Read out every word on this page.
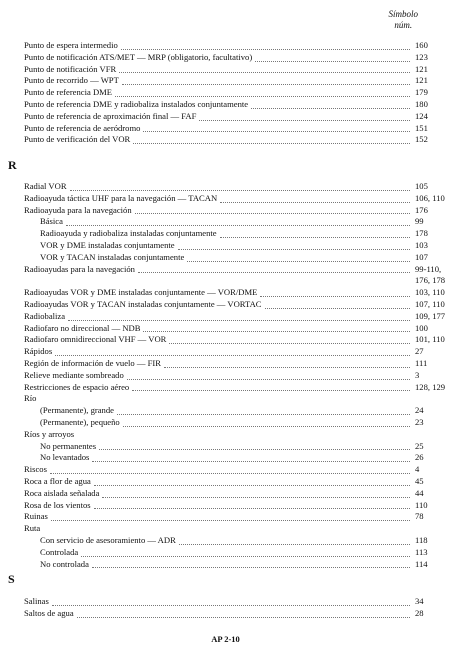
Símbolo
núm.
Punto de espera intermedio	160
Punto de notificación ATS/MET — MRP (obligatorio, facultativo)	123
Punto de notificación VFR	121
Punto de recorrido — WPT	121
Punto de referencia DME	179
Punto de referencia DME y radiobaliza instalados conjuntamente	180
Punto de referencia de aproximación final — FAF	124
Punto de referencia de aeródromo	151
Punto de verificación del VOR	152
R
Radial VOR	105
Radioayuda táctica UHF para la navegación — TACAN	106, 110
Radioayuda para la navegación	176
Básica	99
Radioayuda y radiobaliza instaladas conjuntamente	178
VOR y DME instaladas conjuntamente	103
VOR y TACAN instaladas conjuntamente	107
Radioayudas para la navegación	99-110,
176, 178
Radioayudas VOR y DME instaladas conjuntamente — VOR/DME	103, 110
Radioayudas VOR y TACAN instaladas conjuntamente — VORTAC	107, 110
Radiobaliza	109, 177
Radiofaro no direccional — NDB	100
Radiofaro omnidireccional VHF — VOR	101, 110
Rápidos	27
Región de información de vuelo — FIR	111
Relieve mediante sombreado	3
Restricciones de espacio aéreo	128, 129
Río
(Permanente), grande	24
(Permanente), pequeño	23
Ríos y arroyos
No permanentes	25
No levantados	26
Riscos	4
Roca a flor de agua	45
Roca aislada señalada	44
Rosa de los vientos	110
Ruinas	78
Ruta
Con servicio de asesoramiento — ADR	118
Controlada	113
No controlada	114
S
Salinas	34
Saltos de agua	28
AP 2-10
